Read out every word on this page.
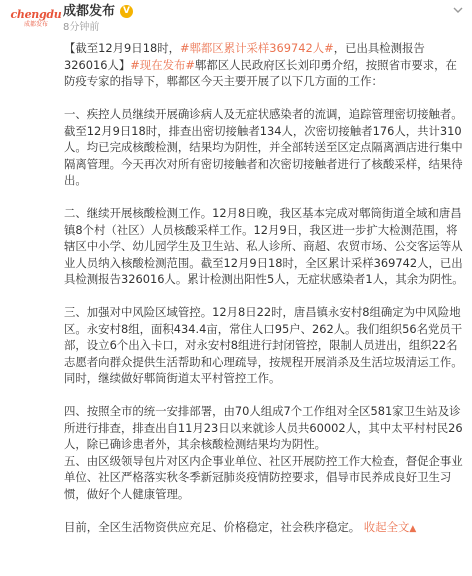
chengdu
成都发布
成都发布 V
8分钟前

【截至12月9日18时，#郫都区累计采样369742人#，已出具检测报告326016人】#现在发布#郫都区人民政府区长刘印勇介绍，按照省市要求，在防疫专家的指导下，郫都区今天主要开展了以下几方面的工作：

一、疾控人员继续开展确诊病人及无症状感染者的流调，追踪管理密切接触者。截至12月9日18时，排查出密切接触者134人，次密切接触者176人，共计310人。均已完成核酸检测，结果均为阴性，并全部转送至区定点隔离酒店进行集中隔离管理。今天再次对所有密切接触者和次密切接触者进行了核酸采样，结果待出。

二、继续开展核酸检测工作。12月8日晚，我区基本完成对郫筒街道全域和唐昌镇8个村（社区）人员核酸采样工作。12月9日，我区进一步扩大检测范围，将辖区中小学、幼儿园学生及卫生站、私人诊所、商超、农贸市场、公交客运等从业人员纳入核酸检测范围。截至12月9日18时，全区累计采样369742人，已出具检测报告326016人。累计检测出阳性5人，无症状感染者1人，其余为阴性。

三、加强对中风险区域管控。12月8日22时，唐昌镇永安村8组确定为中风险地区。永安村8组，面积434.4亩，常住人口95户、262人。我们组织56名党员干部，设立6个出入卡口，对永安村8组进行封闭管控，限制人员进出，组织22名志愿者向群众提供生活帮助和心理疏导，按规程开展消杀及生活垃圾清运工作。同时，继续做好郫筒街道太平村管控工作。

四、按照全市的统一安排部署，由70人组成7个工作组对全区581家卫生站及诊所进行排查，排查出自11月23日以来就诊人员共60002人，其中太平村村民26人，除已确诊患者外，其余核酸检测结果均为阴性。

五、由区级领导包片对区内企事业单位、社区开展防控工作大检查，督促企事业单位、社区严格落实秋冬季新冠肺炎疫情防控要求，倡导市民养成良好卫生习惯，做好个人健康管理。

目前，全区生活物资供应充足、价格稳定，社会秩序稳定。 收起全文▲
